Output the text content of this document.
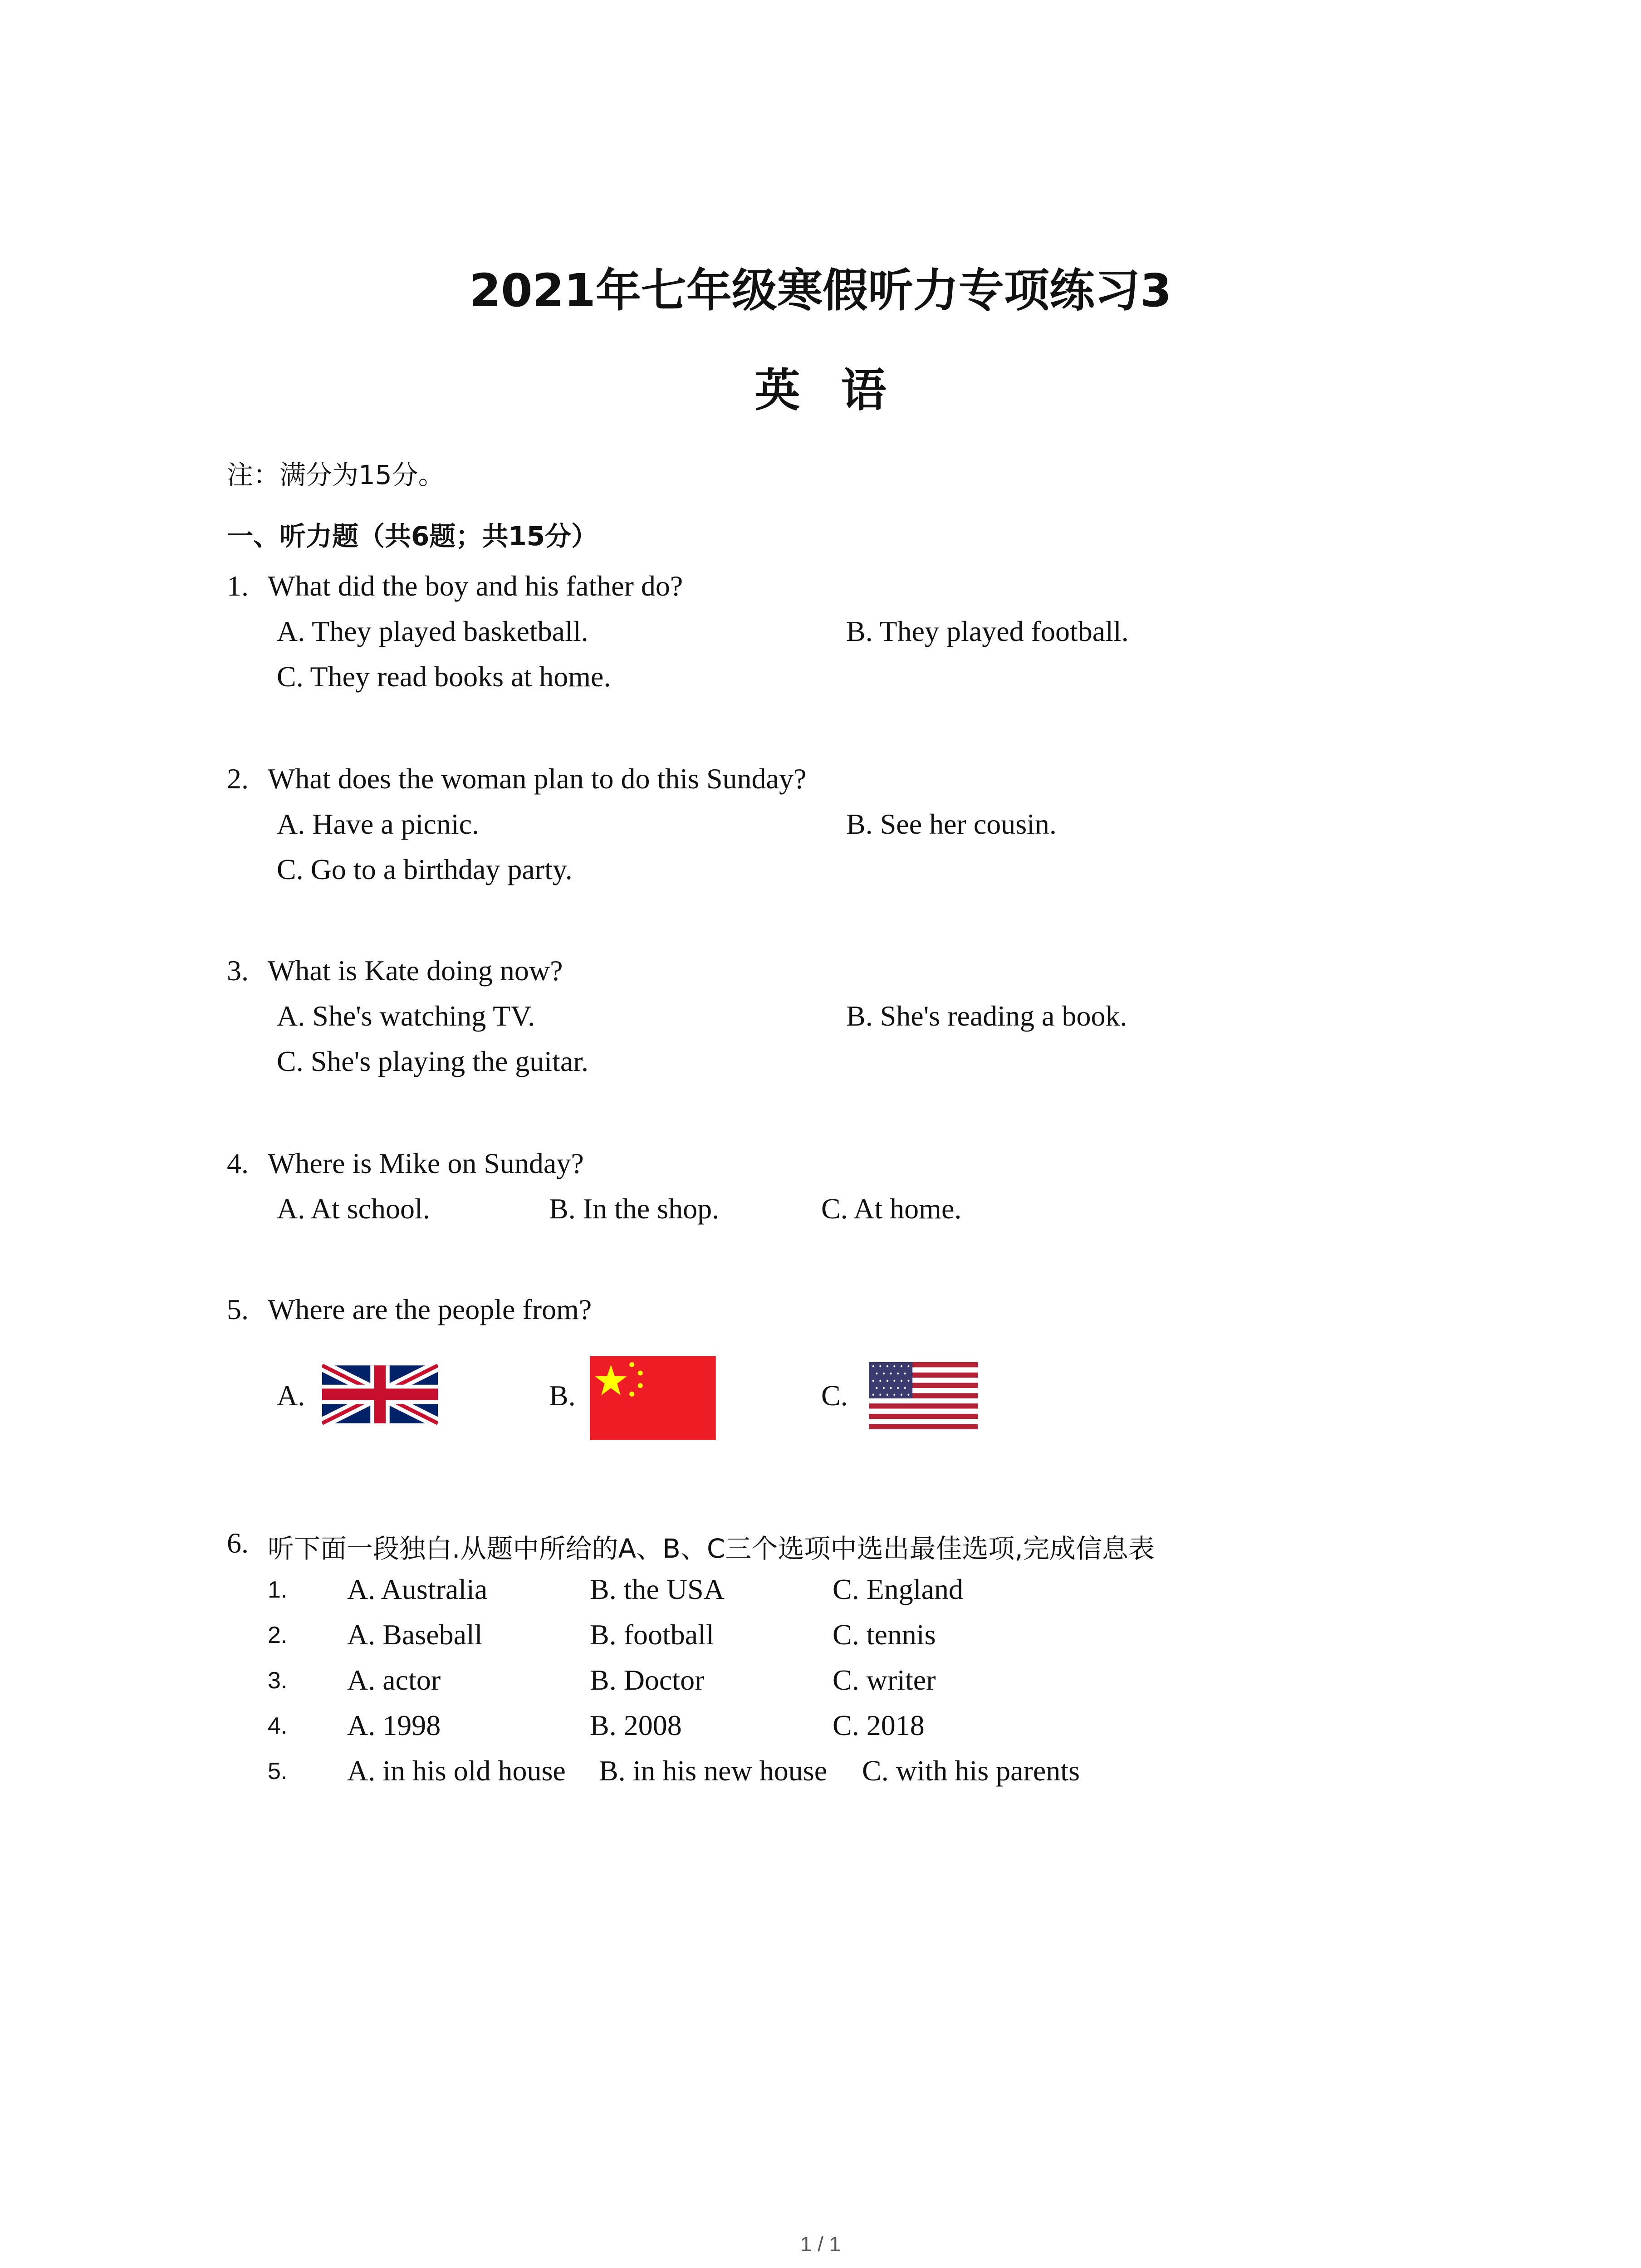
2021年七年级寒假听力专项练习3
英语
注：满分为15分。
一、听力题（共6题；共15分）
1. What did the boy and his father do?
A. They played basketball.	B. They played football.
C. They read books at home.
2. What does the woman plan to do this Sunday?
A. Have a picnic.	B. See her cousin.
C. Go to a birthday party.
3. What is Kate doing now?
A. She's watching TV.	B. She's reading a book.
C. She's playing the guitar.
4. Where is Mike on Sunday?
A. At school.	B. In the shop.	C. At home.
5. Where are the people from?
A.	B.	C.
6. 听下面一段独白.从题中所给的A、B、C三个选项中选出最佳选项,完成信息表
1. A. Australia	B. the USA	C. England
2. A. Baseball	B. football	C. tennis
3. A. actor	B. Doctor	C. writer
4. A. 1998	B. 2008	C. 2018
5. A. in his old house B. in his new house C. with his parents
1 / 1
